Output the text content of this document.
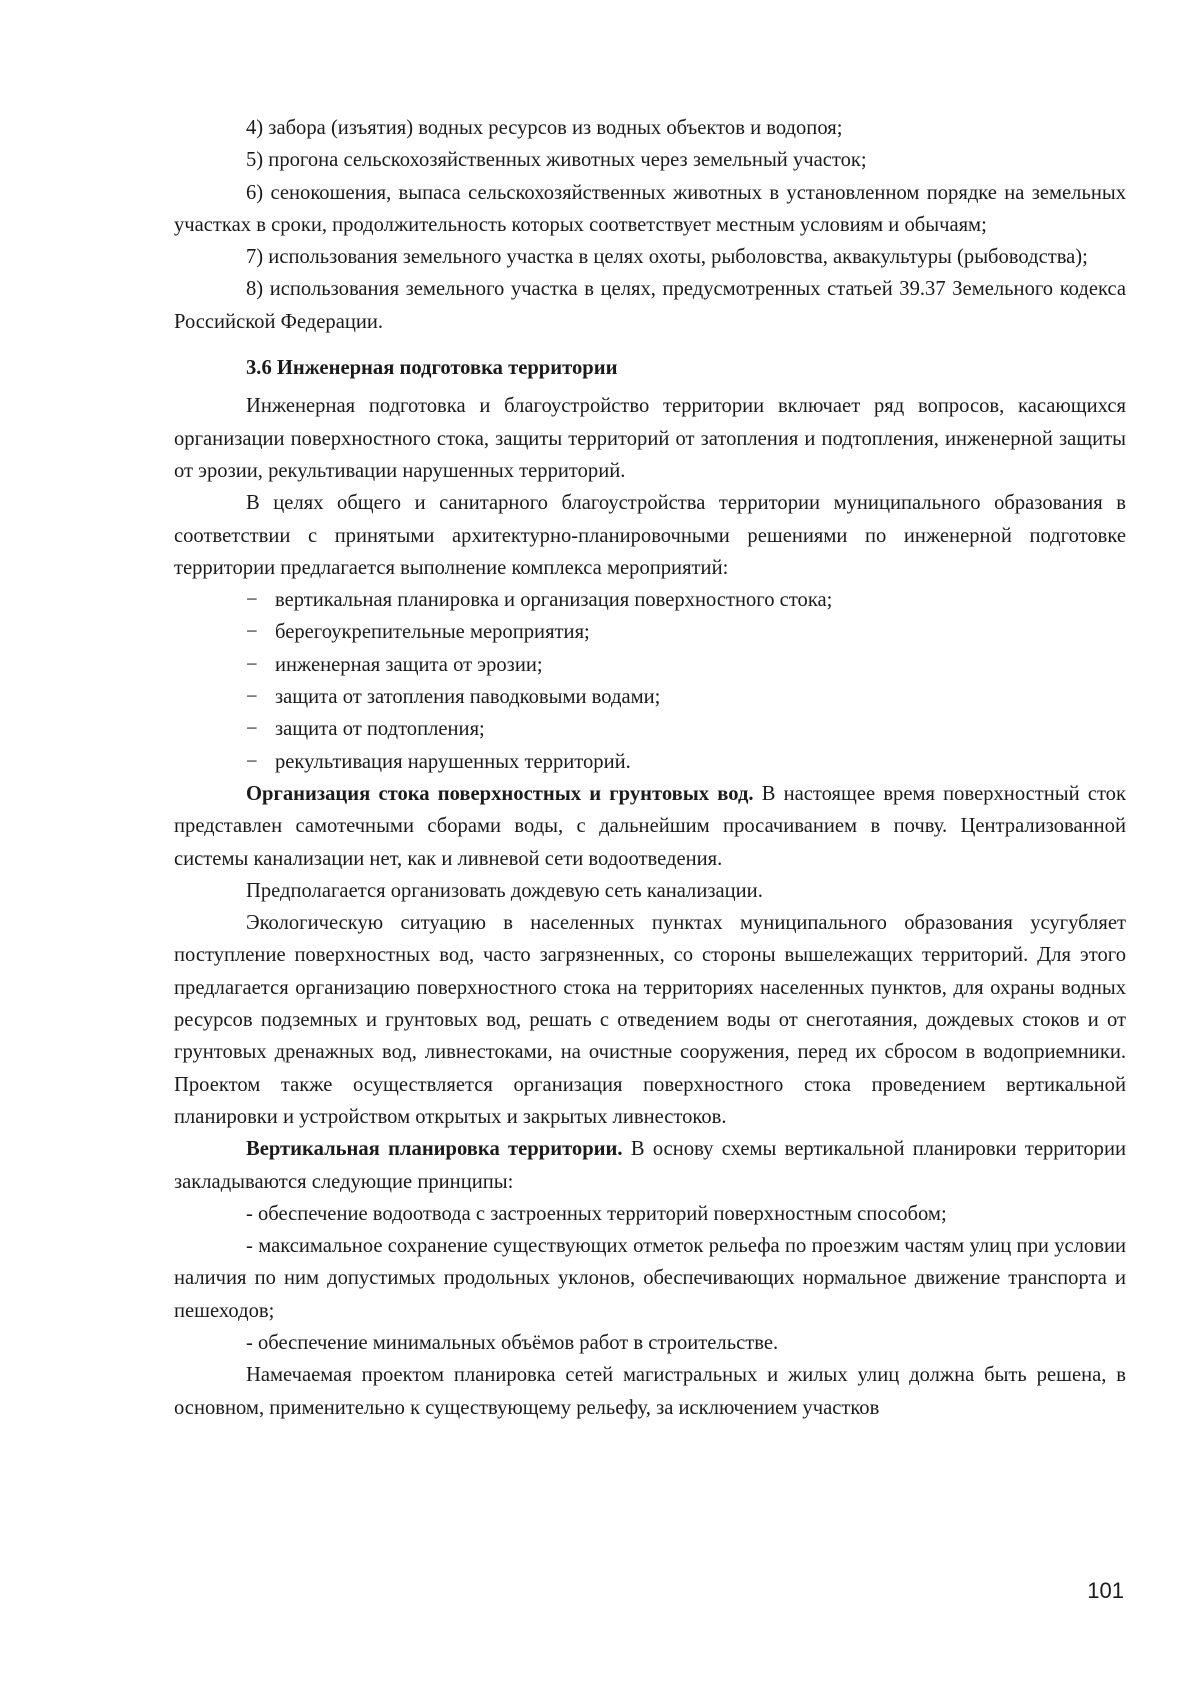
4) забора (изъятия) водных ресурсов из водных объектов и водопоя;

5) прогона сельскохозяйственных животных через земельный участок;

6) сенокошения, выпаса сельскохозяйственных животных в установленном порядке на земельных участках в сроки, продолжительность которых соответствует местным условиям и обычаям;

7) использования земельного участка в целях охоты, рыболовства, аквакультуры (рыбоводства);

8) использования земельного участка в целях, предусмотренных статьей 39.37 Земельного кодекса Российской Федерации.

3.6 Инженерная подготовка территории

Инженерная подготовка и благоустройство территории включает ряд вопросов, касающихся организации поверхностного стока, защиты территорий от затопления и подтопления, инженерной защиты от эрозии, рекультивации нарушенных территорий.

В целях общего и санитарного благоустройства территории муниципального образования в соответствии с принятыми архитектурно-планировочными решениями по инженерной подготовке территории предлагается выполнение комплекса мероприятий:

− вертикальная планировка и организация поверхностного стока;
− берегоукрепительные мероприятия;
− инженерная защита от эрозии;
− защита от затопления паводковыми водами;
− защита от подтопления;
− рекультивация нарушенных территорий.

Организация стока поверхностных и грунтовых вод. В настоящее время поверхностный сток представлен самотечными сборами воды, с дальнейшим просачиванием в почву. Централизованной системы канализации нет, как и ливневой сети водоотведения.

Предполагается организовать дождевую сеть канализации.

Экологическую ситуацию в населенных пунктах муниципального образования усугубляет поступление поверхностных вод, часто загрязненных, со стороны вышележащих территорий. Для этого предлагается организацию поверхностного стока на территориях населенных пунктов, для охраны водных ресурсов подземных и грунтовых вод, решать с отведением воды от снеготаяния, дождевых стоков и от грунтовых дренажных вод, ливнестоками, на очистные сооружения, перед их сбросом в водоприемники. Проектом также осуществляется организация поверхностного стока проведением вертикальной планировки и устройством открытых и закрытых ливнестоков.

Вертикальная планировка территории. В основу схемы вертикальной планировки территории закладываются следующие принципы:

- обеспечение водоотвода с застроенных территорий поверхностным способом;

- максимальное сохранение существующих отметок рельефа по проезжим частям улиц при условии наличия по ним допустимых продольных уклонов, обеспечивающих нормальное движение транспорта и пешеходов;

- обеспечение минимальных объёмов работ в строительстве.

Намечаемая проектом планировка сетей магистральных и жилых улиц должна быть решена, в основном, применительно к существующему рельефу, за исключением участков

101
